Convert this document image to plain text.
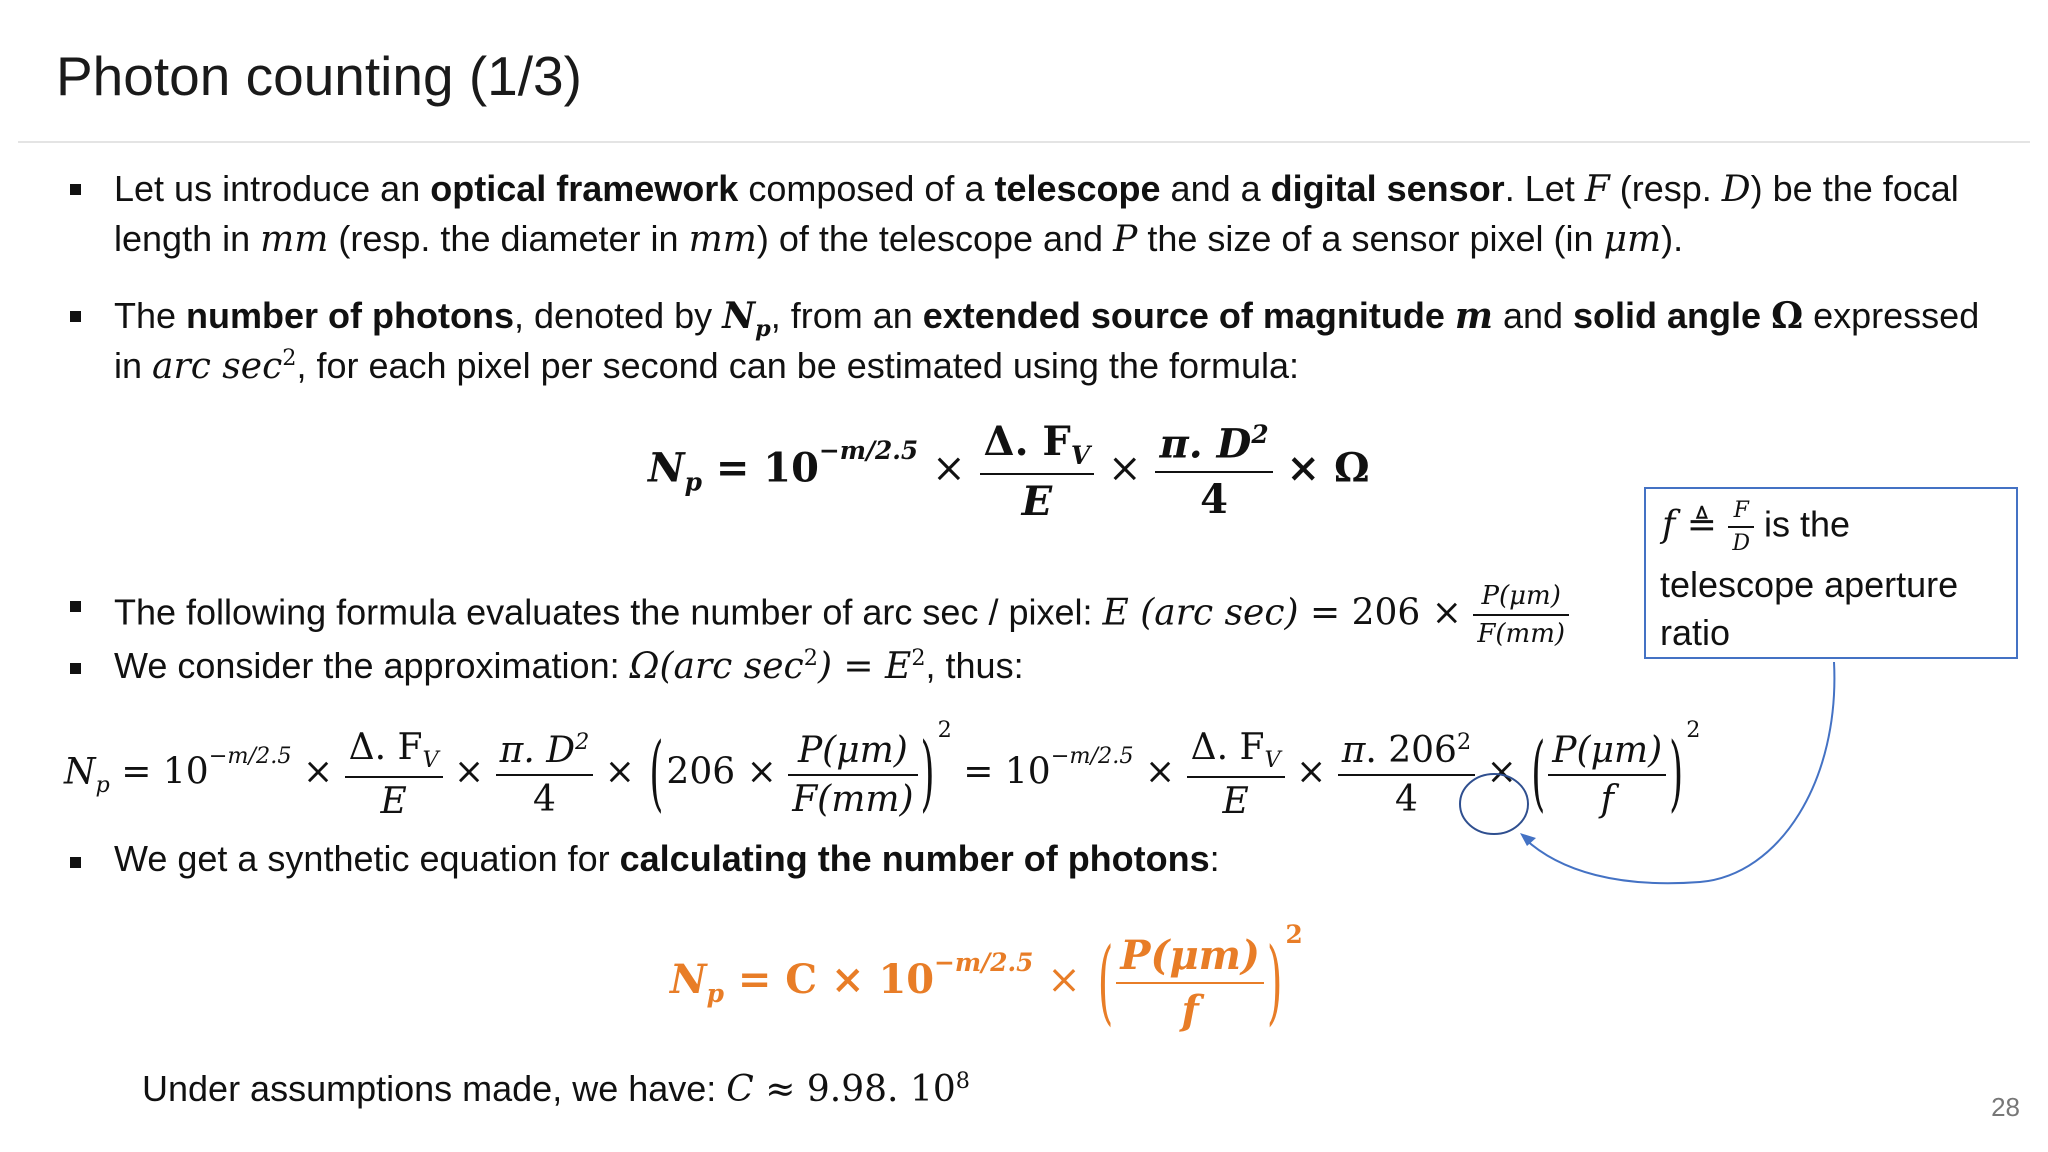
Photon counting (1/3)
Let us introduce an optical framework composed of a telescope and a digital sensor. Let F (resp. D) be the focal
length in mm (resp. the diameter in mm) of the telescope and P the size of a sensor pixel (in μm).
The number of photons, denoted by $N_p$, from an extended source of magnitude m and solid angle Ω expressed
in arc $\sec^2$, for each pixel per second can be estimated using the formula:
$N_p = 10^{-m/2.5} \times \frac{\Delta. F_V}{E} \times \frac{\pi. D^2}{4} \times \Omega$
The following formula evaluates the number of arc sec / pixel: E (arc $\sec) = 206 \times \frac{P(\mu m)}{F(mm)}$
We consider the approximation: Ω(arc $\sec^2) = E^2$, thus:
$N_p = 10^{-m/2.5} \times \frac{\Delta. F_V}{E} \times \frac{\pi. D^2}{4} \times (206 \times \frac{P(\mu m)}{F(mm)}$ ) $^2 = 10^{-m/2.5} \times \frac{\Delta. F_V}{E} \times \frac{\pi. 206^2}{4}$ × ( $\frac{P(\mu m)}{f}$ ) $^2$
We get a synthetic equation for calculating the number of photons:
$N_p = C \times 10^{-m/2.5}$ × ( $\frac{P(\mu m)}{f}$ ) $^2$
Under assumptions made, we have: C ≈ 9.98. $10^8$
f ≜ $\frac{F}{D}$ is the
telescope aperture
ratio
28
